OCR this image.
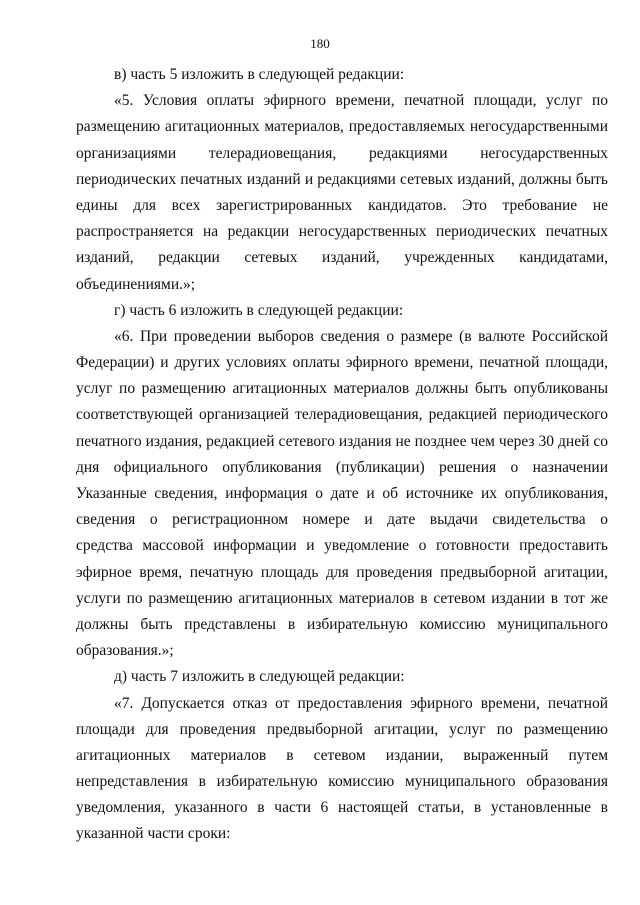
180
в) часть 5 изложить в следующей редакции:
«5. Условия оплаты эфирного времени, печатной площади, услуг по
размещению агитационных материалов, предоставляемых негосударственными
организациями телерадиовещания, редакциями негосударственных
периодических печатных изданий и редакциями сетевых изданий, должны быть
едины для всех зарегистрированных кандидатов. Это требование не
распространяется на редакции негосударственных периодических печатных
изданий, редакции сетевых изданий, учрежденных кандидатами,
объединениями.»;
г) часть 6 изложить в следующей редакции:
«6. При проведении выборов сведения о размере (в валюте Российской
Федерации) и других условиях оплаты эфирного времени, печатной площади,
услуг по размещению агитационных материалов должны быть опубликованы
соответствующей организацией телерадиовещания, редакцией периодического
печатного издания, редакцией сетевого издания не позднее чем через 30 дней со
дня официального опубликования (публикации) решения о назначении
Указанные сведения, информация о дате и об источнике их опубликования,
сведения о регистрационном номере и дате выдачи свидетельства о
средства массовой информации и уведомление о готовности предоставить
эфирное время, печатную площадь для проведения предвыборной агитации,
услуги по размещению агитационных материалов в сетевом издании в тот же
должны быть представлены в избирательную комиссию муниципального
образования.»;
д) часть 7 изложить в следующей редакции:
«7. Допускается отказ от предоставления эфирного времени, печатной
площади для проведения предвыборной агитации, услуг по размещению
агитационных материалов в сетевом издании, выраженный путем
непредставления в избирательную комиссию муниципального образования
уведомления, указанного в части 6 настоящей статьи, в установленные в
указанной части сроки:
